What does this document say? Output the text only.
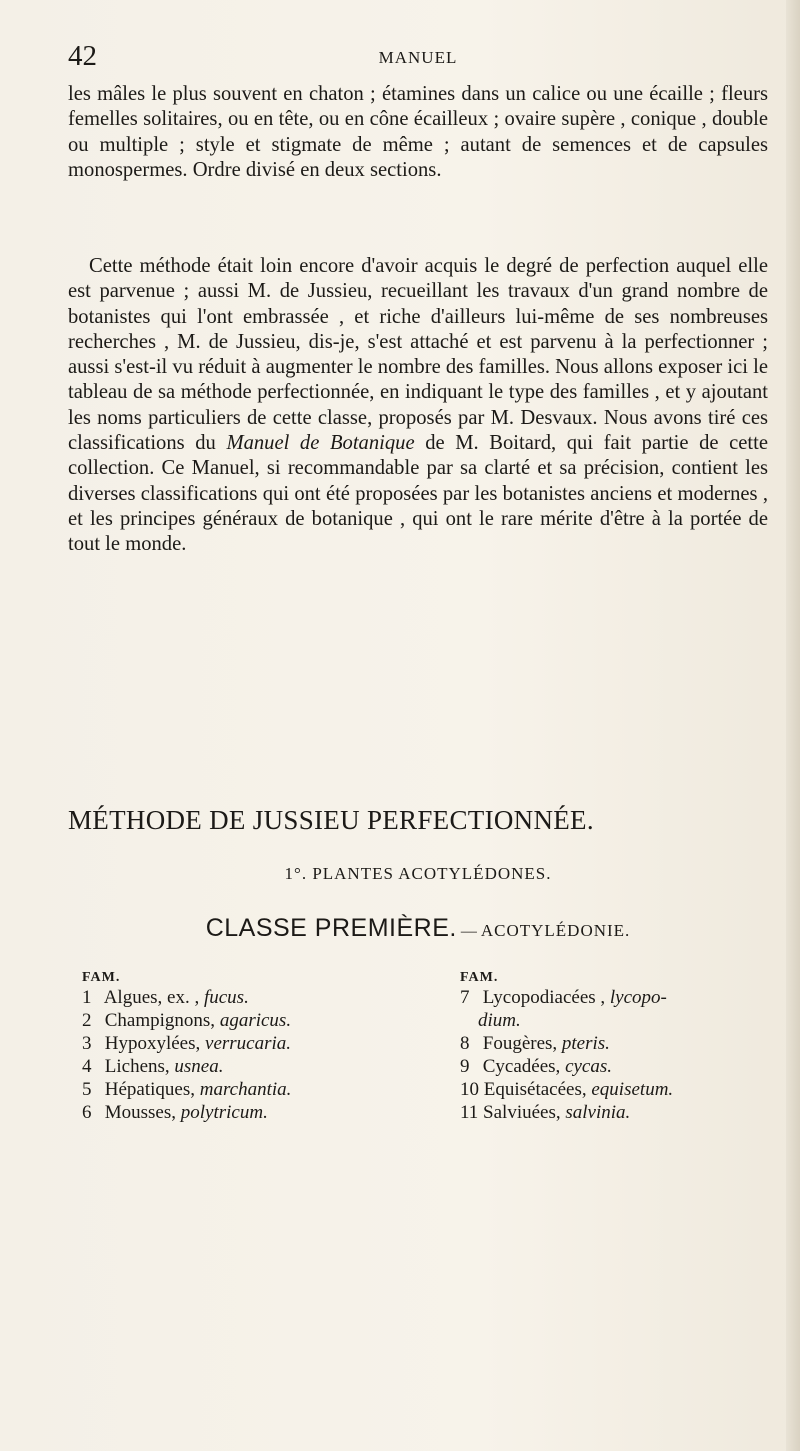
42	MANUEL
les mâles le plus souvent en chaton ; étamines dans un calice ou une écaille ; fleurs femelles solitaires, ou en tête, ou en cône écailleux ; ovaire supère , conique , double ou multiple ; style et stigmate de même ; autant de semences et de capsules monospermes. Ordre divisé en deux sections.
Cette méthode était loin encore d'avoir acquis le degré de perfection auquel elle est parvenue ; aussi M. de Jussieu, recueillant les travaux d'un grand nombre de botanistes qui l'ont embrassée , et riche d'ailleurs lui-même de ses nombreuses recherches , M. de Jussieu, dis-je, s'est attaché et est parvenu à la perfectionner ; aussi s'est-il vu réduit à augmenter le nombre des familles. Nous allons exposer ici le tableau de sa méthode perfectionnée, en indiquant le type des familles , et y ajoutant les noms particuliers de cette classe, proposés par M. Desvaux. Nous avons tiré ces classifications du Manuel de Botanique de M. Boitard, qui fait partie de cette collection. Ce Manuel, si recommandable par sa clarté et sa précision, contient les diverses classifications qui ont été proposées par les botanistes anciens et modernes , et les principes généraux de botanique , qui ont le rare mérite d'être à la portée de tout le monde.
MÉTHODE DE JUSSIEU PERFECTIONNÉE.
1°. PLANTES ACOTYLÉDONES.
CLASSE PREMIÈRE. — ACOTYLÉDONIE.
FAM.
1 Algues, ex. , fucus.
2 Champignons, agaricus.
3 Hypoxylées, verrucaria.
4 Lichens, usnea.
5 Hépatiques, marchantia.
6 Mousses, polytricum.
FAM.
7 Lycopodiacées , lycopo-
dium.
8 Fougères, pteris.
9 Cycadées, cycas.
10 Equisétacées, equisetum.
11 Salviuées, salvinia.
